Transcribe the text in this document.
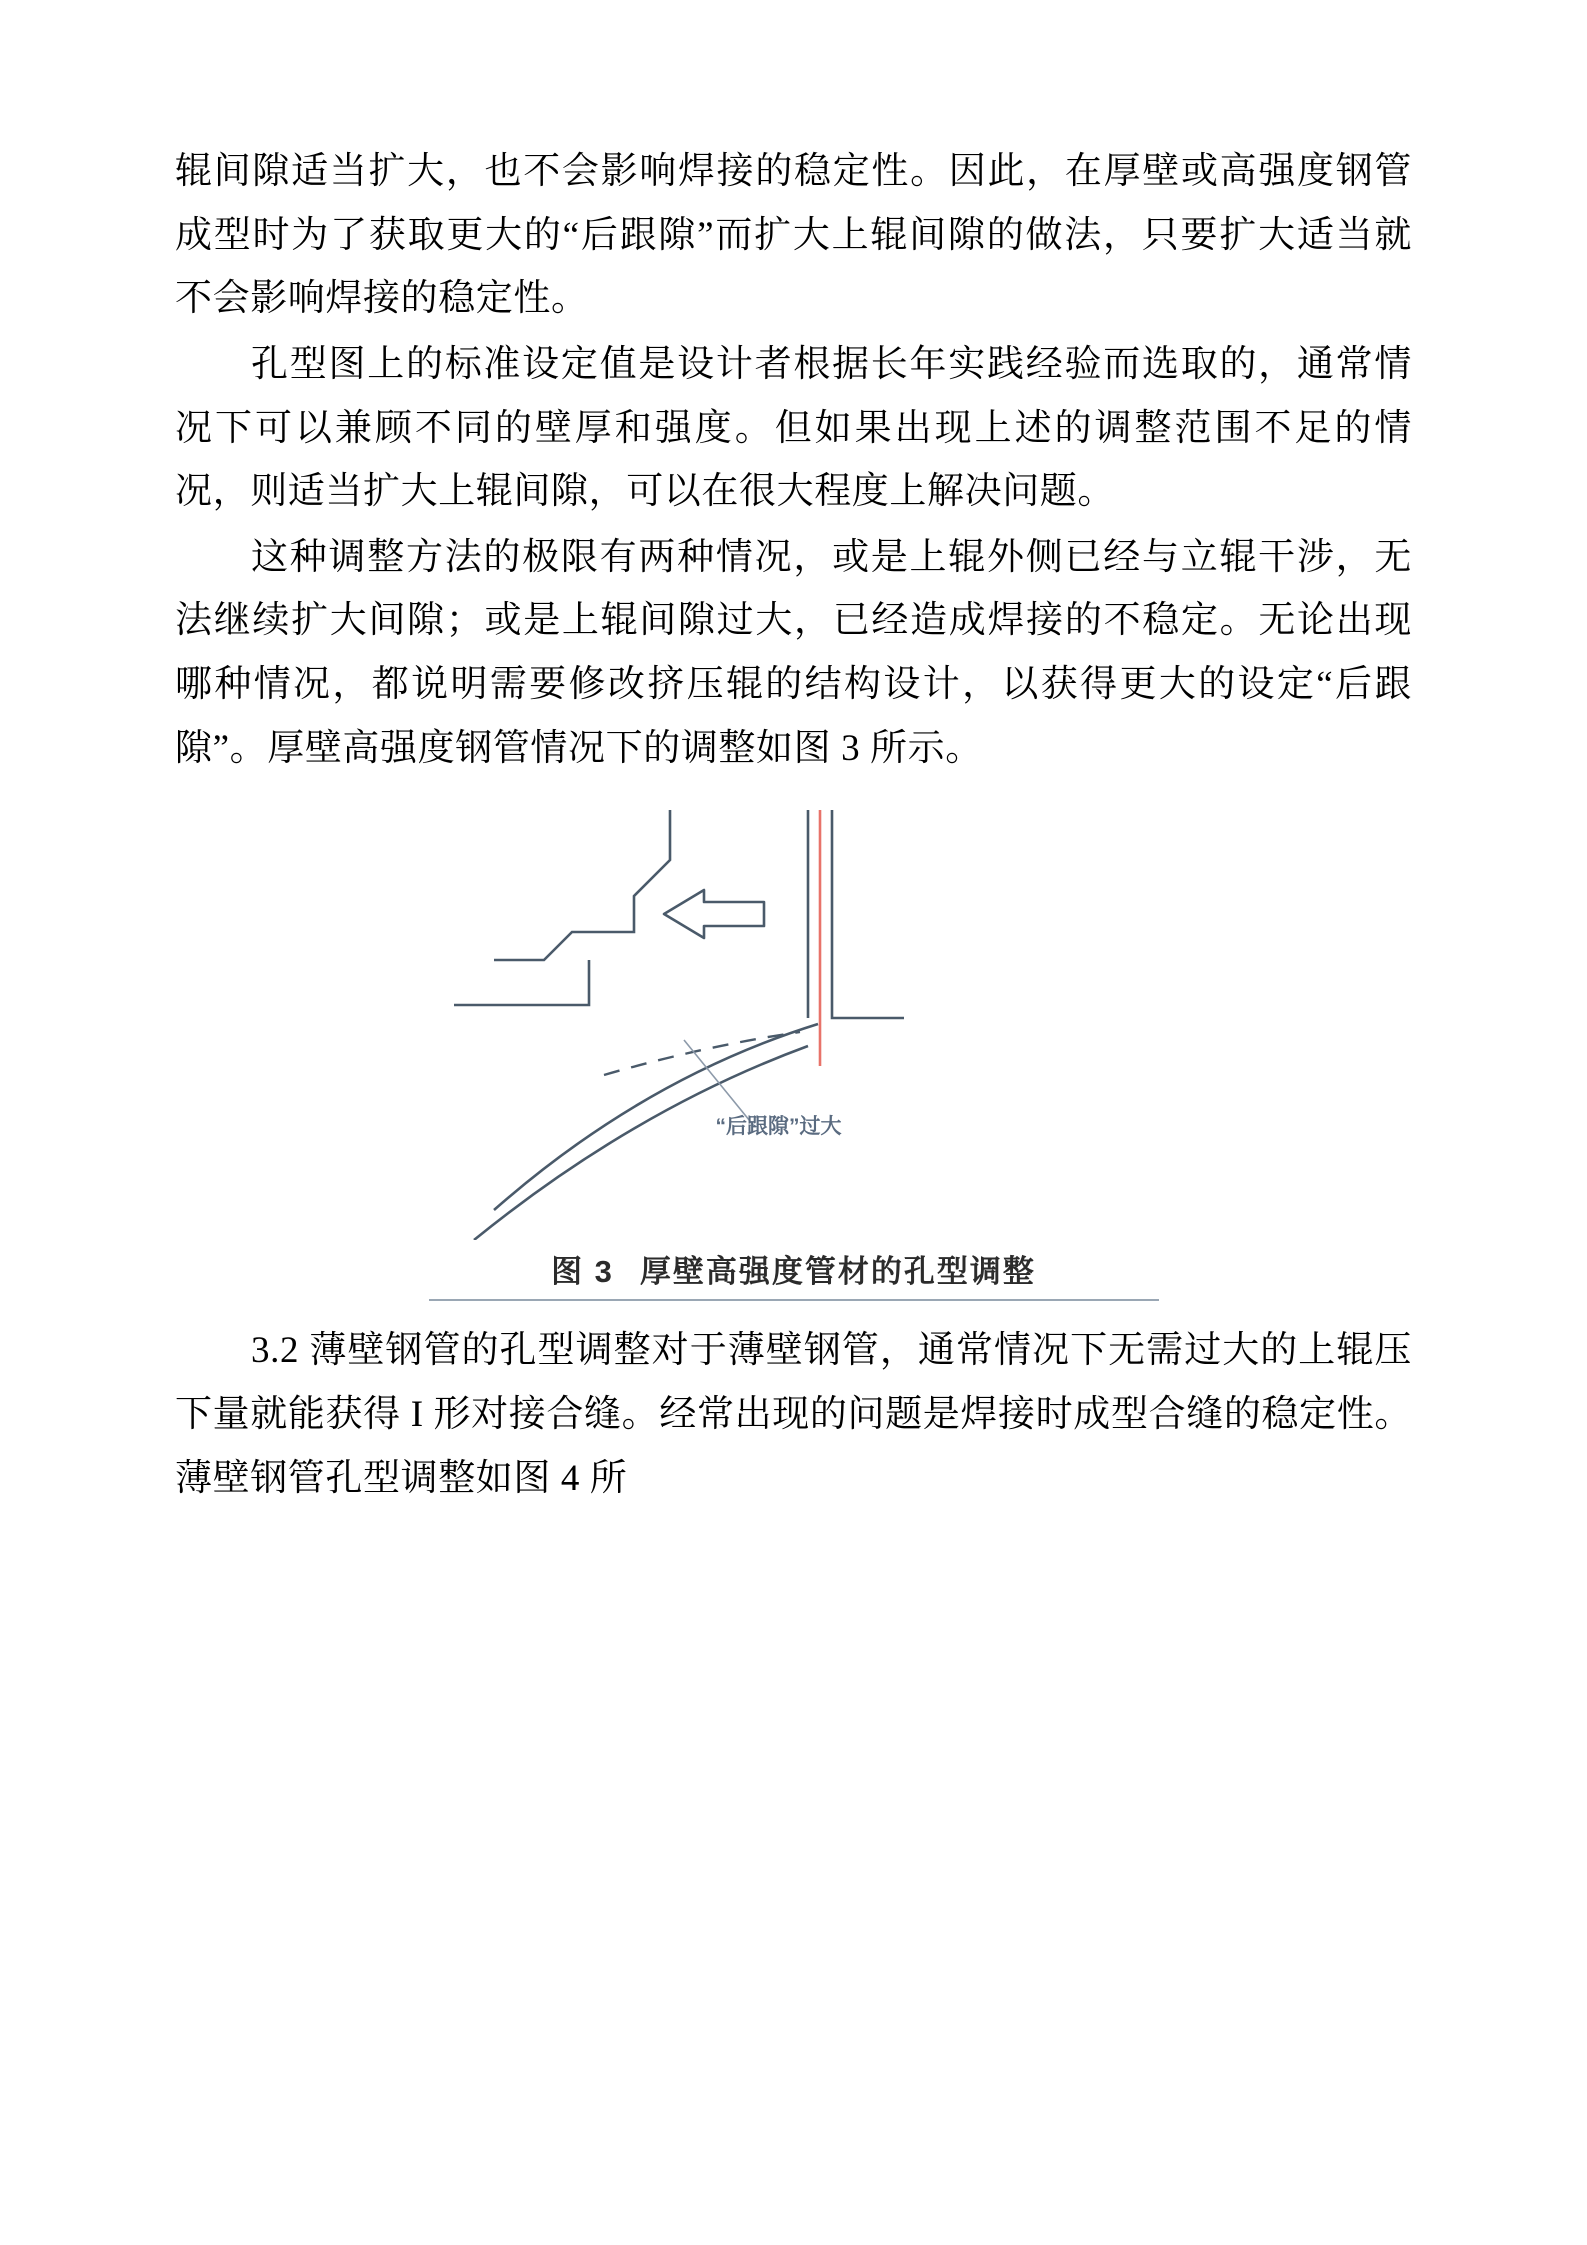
辊间隙适当扩大，也不会影响焊接的稳定性。因此，在厚壁或高强度钢管成型时为了获取更大的“后跟隙”而扩大上辊间隙的做法，只要扩大适当就不会影响焊接的稳定性。

孔型图上的标准设定值是设计者根据长年实践经验而选取的，通常情况下可以兼顾不同的壁厚和强度。但如果出现上述的调整范围不足的情况，则适当扩大上辊间隙，可以在很大程度上解决问题。

这种调整方法的极限有两种情况，或是上辊外侧已经与立辊干涉，无法继续扩大间隙；或是上辊间隙过大，已经造成焊接的不稳定。无论出现哪种情况，都说明需要修改挤压辊的结构设计，以获得更大的设定“后跟隙”。厚壁高强度钢管情况下的调整如图 3 所示。

“后跟隙”过大
图 3 厚壁高强度管材的孔型调整

3.2 薄壁钢管的孔型调整对于薄壁钢管，通常情况下无需过大的上辊压下量就能获得 I 形对接合缝。经常出现的问题是焊接时成型合缝的稳定性。薄壁钢管孔型调整如图 4 所
